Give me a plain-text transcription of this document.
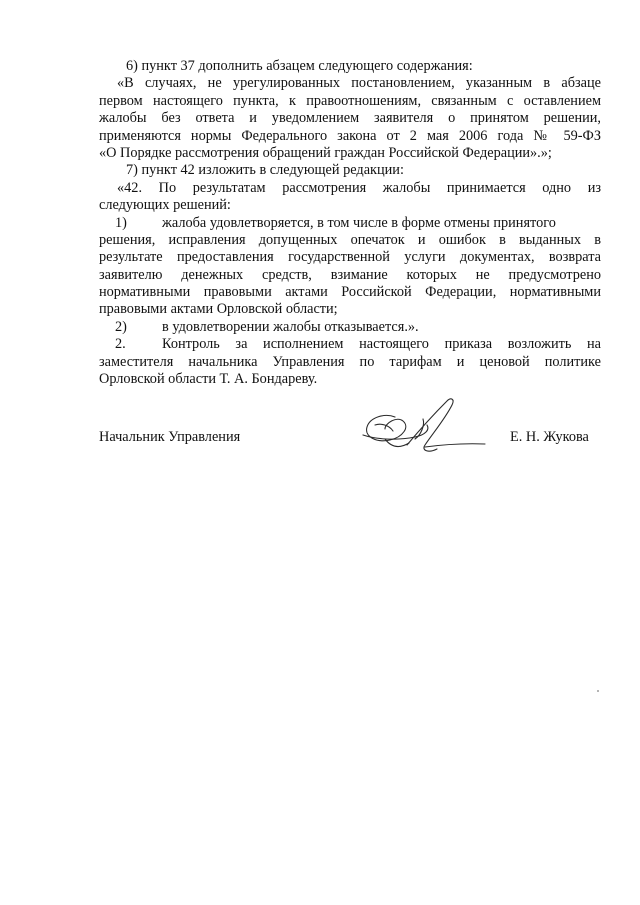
6) пункт 37 дополнить абзацем следующего содержания:
«В случаях, не урегулированных постановлением, указанным в абзаце
первом настоящего пункта, к правоотношениям, связанным с оставлением
жалобы без ответа и уведомлением заявителя о принятом решении,
применяются нормы Федерального закона от 2 мая 2006 года № 59-ФЗ
«О Порядке рассмотрения обращений граждан Российской Федерации».»;
7) пункт 42 изложить в следующей редакции:
«42. По результатам рассмотрения жалобы принимается одно из
следующих решений:
1) жалоба удовлетворяется, в том числе в форме отмены принятого
решения, исправления допущенных опечаток и ошибок в выданных в
результате предоставления государственной услуги документах, возврата
заявителю денежных средств, взимание которых не предусмотрено
нормативными правовыми актами Российской Федерации, нормативными
правовыми актами Орловской области;
2) в удовлетворении жалобы отказывается.».
2.	Контроль за исполнением настоящего приказа возложить на
заместителя начальника Управления по тарифам и ценовой политике
Орловской области Т. А. Бондареву.
Начальник Управления	Е. Н. Жукова
